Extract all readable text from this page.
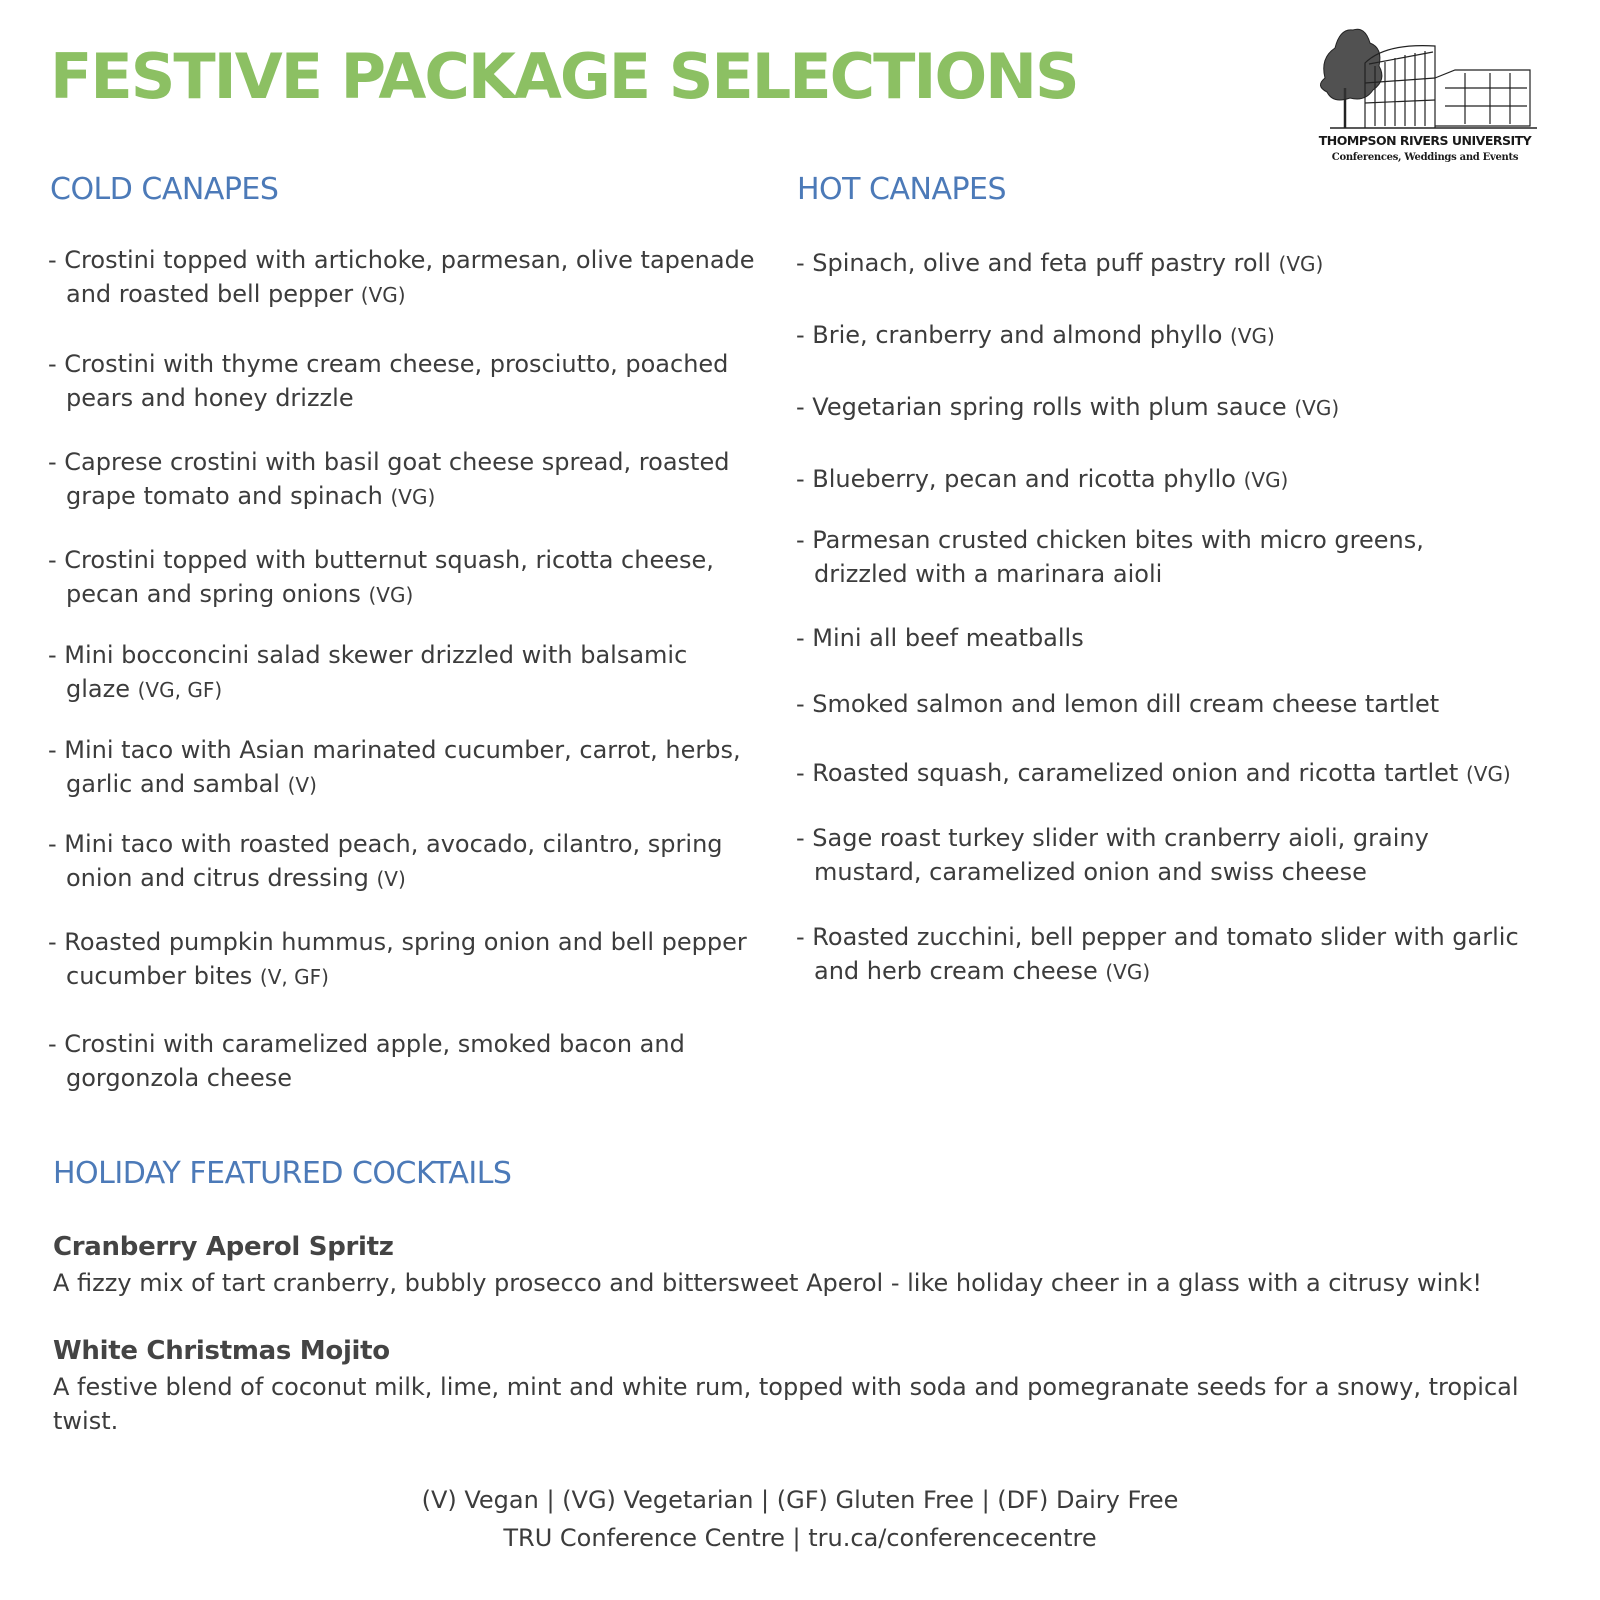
FESTIVE PACKAGE SELECTIONS
THOMPSON RIVERS UNIVERSITY
Conferences, Weddings and Events
COLD CANAPES
- Crostini topped with artichoke, parmesan, olive tapenade and roasted bell pepper (VG)
- Crostini with thyme cream cheese, prosciutto, poached pears and honey drizzle
- Caprese crostini with basil goat cheese spread, roasted grape tomato and spinach (VG)
- Crostini topped with butternut squash, ricotta cheese, pecan and spring onions (VG)
- Mini bocconcini salad skewer drizzled with balsamic glaze (VG, GF)
- Mini taco with Asian marinated cucumber, carrot, herbs, garlic and sambal (V)
- Mini taco with roasted peach, avocado, cilantro, spring onion and citrus dressing (V)
- Roasted pumpkin hummus, spring onion and bell pepper cucumber bites (V, GF)
- Crostini with caramelized apple, smoked bacon and gorgonzola cheese
HOT CANAPES
- Spinach, olive and feta puff pastry roll (VG)
- Brie, cranberry and almond phyllo (VG)
- Vegetarian spring rolls with plum sauce (VG)
- Blueberry, pecan and ricotta phyllo (VG)
- Parmesan crusted chicken bites with micro greens, drizzled with a marinara aioli
- Mini all beef meatballs
- Smoked salmon and lemon dill cream cheese tartlet
- Roasted squash, caramelized onion and ricotta tartlet (VG)
- Sage roast turkey slider with cranberry aioli, grainy mustard, caramelized onion and swiss cheese
- Roasted zucchini, bell pepper and tomato slider with garlic and herb cream cheese (VG)
HOLIDAY FEATURED COCKTAILS
Cranberry Aperol Spritz
A fizzy mix of tart cranberry, bubbly prosecco and bittersweet Aperol - like holiday cheer in a glass with a citrusy wink!
White Christmas Mojito
A festive blend of coconut milk, lime, mint and white rum, topped with soda and pomegranate seeds for a snowy, tropical twist.
(V) Vegan | (VG) Vegetarian | (GF) Gluten Free | (DF) Dairy Free
TRU Conference Centre | tru.ca/conferencecentre
